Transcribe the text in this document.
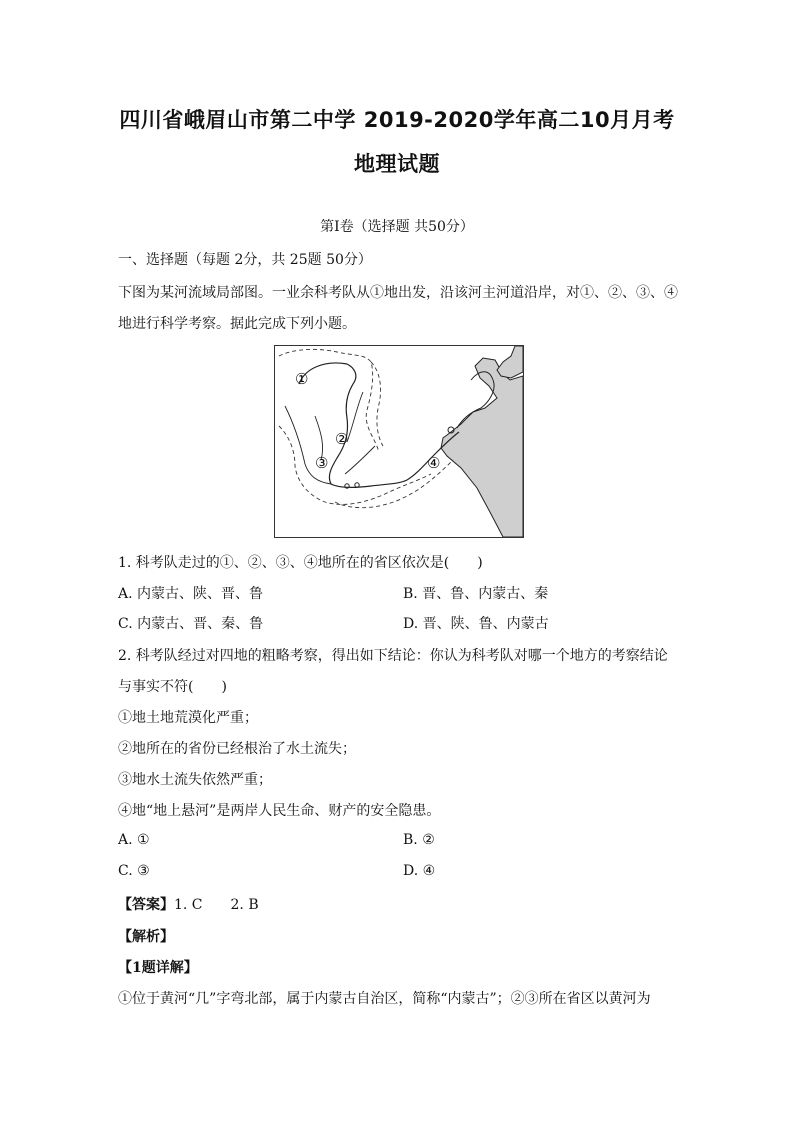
四川省峨眉山市第二中学 2019-2020学年高二10月月考
地理试题
第Ⅰ卷（选择题 共50分）
一、选择题（每题 2分，共 25题 50分）
下图为某河流域局部图。一业余科考队从①地出发，沿该河主河道沿岸，对①、②、③、④
地进行科学考察。据此完成下列小题。
①
②
③	④
1. 科考队走过的①、②、③、④地所在的省区依次是(　　)
A. 内蒙古、陕、晋、鲁	B. 晋、鲁、内蒙古、秦
C. 内蒙古、晋、秦、鲁	D. 晋、陕、鲁、内蒙古
2. 科考队经过对四地的粗略考察，得出如下结论：你认为科考队对哪一个地方的考察结论
与事实不符(　　)
①地土地荒漠化严重；
②地所在的省份已经根治了水土流失；
③地水土流失依然严重；
④地“地上悬河”是两岸人民生命、财产的安全隐患。
A. ①	B. ②
C. ③	D. ④
【答案】1. C　　2. B
【解析】
【1题详解】
①位于黄河“几”字弯北部，属于内蒙古自治区，简称“内蒙古”；②③所在省区以黄河为
